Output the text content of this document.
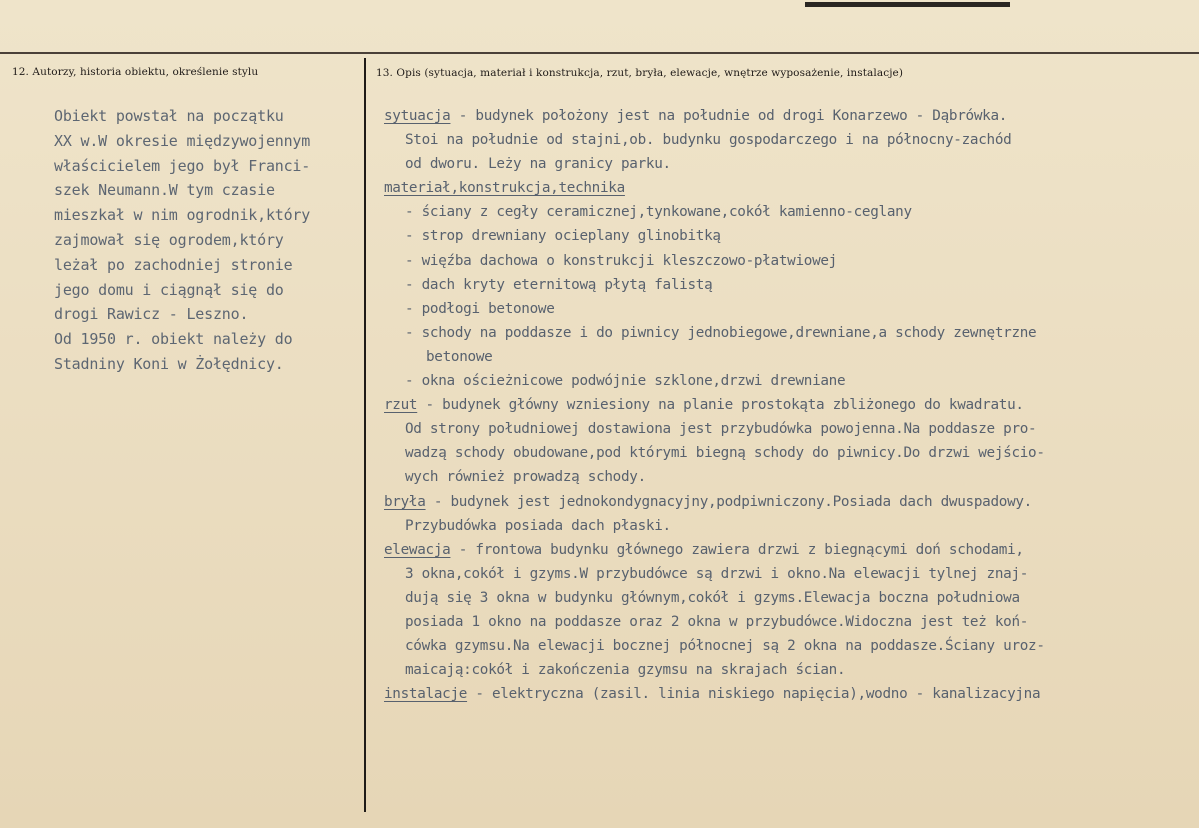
12. Autorzy, historia obiektu, określenie stylu	13. Opis (sytuacja, materiał i konstrukcja, rzut, bryła, elewacje, wnętrze wyposażenie, instalacje)
Obiekt powstał na początku
XX w.W okresie międzywojennym
właścicielem jego był Franci-
szek Neumann.W tym czasie
mieszkał w nim ogrodnik,który
zajmował się ogrodem,który
leżał po zachodniej stronie
jego domu i ciągnął się do
drogi Rawicz - Leszno.
Od 1950 r. obiekt należy do
Stadniny Koni w Żołędnicy.
sytuacja - budynek położony jest na południe od drogi Konarzewo - Dąbrówka.
Stoi na południe od stajni,ob. budynku gospodarczego i na północny-zachód
od dworu. Leży na granicy parku.
materiał,konstrukcja,technika
- ściany z cegły ceramicznej,tynkowane,cokół kamienno-ceglany
- strop drewniany ocieplany glinobitką
- więźba dachowa o konstrukcji kleszczowo-płatwiowej
- dach kryty eternitową płytą falistą
- podłogi betonowe
- schody na poddasze i do piwnicy jednobiegowe,drewniane,a schody zewnętrzne
betonowe
- okna ościeżnicowe podwójnie szklone,drzwi drewniane
rzut - budynek główny wzniesiony na planie prostokąta zbliżonego do kwadratu.
Od strony południowej dostawiona jest przybudówka powojenna.Na poddasze pro-
wadzą schody obudowane,pod którymi biegną schody do piwnicy.Do drzwi wejścio-
wych również prowadzą schody.
bryła - budynek jest jednokondygnacyjny,podpiwniczony.Posiada dach dwuspadowy.
Przybudówka posiada dach płaski.
elewacja - frontowa budynku głównego zawiera drzwi z biegnącymi doń schodami,
3 okna,cokół i gzyms.W przybudówce są drzwi i okno.Na elewacji tylnej znaj-
dują się 3 okna w budynku głównym,cokół i gzyms.Elewacja boczna południowa
posiada 1 okno na poddasze oraz 2 okna w przybudówce.Widoczna jest też koń-
cówka gzymsu.Na elewacji bocznej północnej są 2 okna na poddasze.Ściany uroz-
maicają:cokół i zakończenia gzymsu na skrajach ścian.
instalacje - elektryczna (zasil. linia niskiego napięcia),wodno - kanalizacyjna
